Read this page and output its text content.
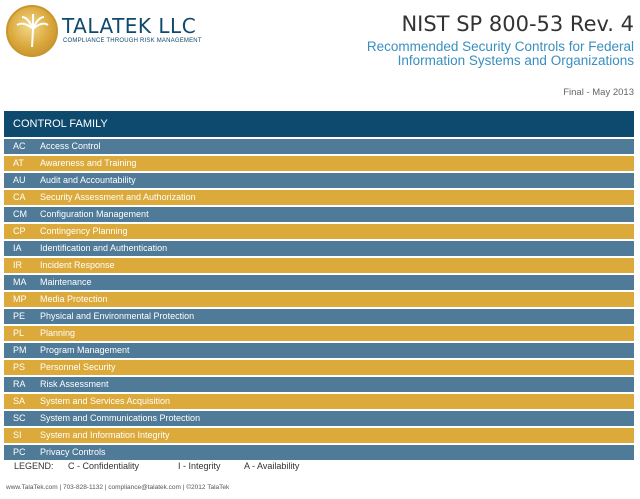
TALATEK LLC
COMPLIANCE THROUGH RISK MANAGEMENT
NIST SP 800-53 Rev. 4
Recommended Security Controls for Federal Information Systems and Organizations
Final - May 2013
CONTROL FAMILY
AC	Access Control
AT	Awareness and Training
AU	Audit and Accountability
CA	Security Assessment and Authorization
CM	Configuration Management
CP	Contingency Planning
IA	Identification and Authentication
IR	Incident Response
MA	Maintenance
MP	Media Protection
PE	Physical and Environmental Protection
PL	Planning
PM	Program Management
PS	Personnel Security
RA	Risk Assessment
SA	System and Services Acquisition
SC	System and Communications Protection
SI	System and Information Integrity
PC	Privacy Controls
LEGEND:	C - Confidentiality	I - Integrity	A - Availability
www.TalaTek.com | 703-828-1132 | compliance@talatek.com | ©2012 TalaTek
